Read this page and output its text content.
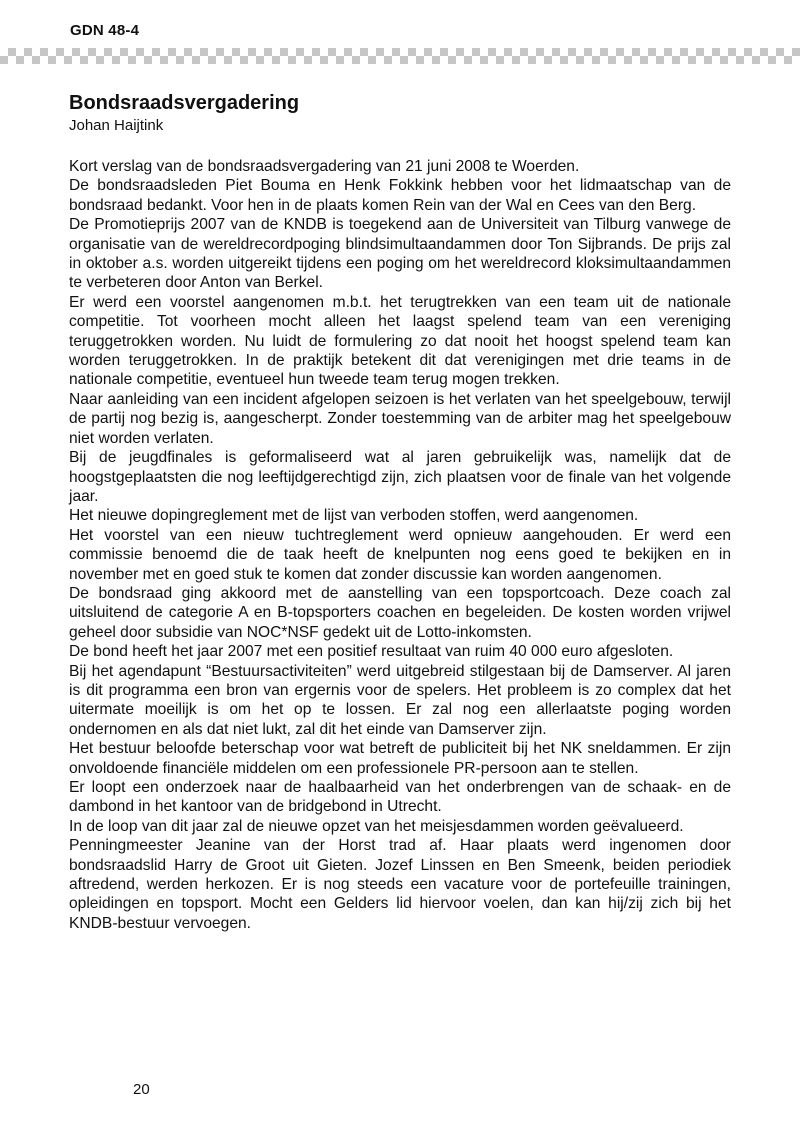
GDN 48-4
Bondsraadsvergadering

Johan Haijtink

Kort verslag van de bondsraadsvergadering van 21 juni 2008 te Woerden.

De bondsraadsleden Piet Bouma en Henk Fokkink hebben voor het lidmaatschap van de bondsraad bedankt. Voor hen in de plaats komen Rein van der Wal en Cees van den Berg.

De Promotieprijs 2007 van de KNDB is toegekend aan de Universiteit van Tilburg vanwege de organisatie van de wereldrecordpoging blindsimultaandammen door Ton Sijbrands. De prijs zal in oktober a.s. worden uitgereikt tijdens een poging om het wereldrecord kloksimultaandammen te verbeteren door Anton van Berkel.

Er werd een voorstel aangenomen m.b.t. het terugtrekken van een team uit de nationale competitie. Tot voorheen mocht alleen het laagst spelend team van een vereniging teruggetrokken worden. Nu luidt de formulering zo dat nooit het hoogst spelend team kan worden teruggetrokken. In de praktijk betekent dit dat verenigingen met drie teams in de nationale competitie, eventueel hun tweede team terug mogen trekken.

Naar aanleiding van een incident afgelopen seizoen is het verlaten van het speelgebouw, terwijl de partij nog bezig is, aangescherpt. Zonder toestemming van de arbiter mag het speelgebouw niet worden verlaten.

Bij de jeugdfinales is geformaliseerd wat al jaren gebruikelijk was, namelijk dat de hoogstgeplaatsten die nog leeftijdgerechtigd zijn, zich plaatsen voor de finale van het volgende jaar.

Het nieuwe dopingreglement met de lijst van verboden stoffen, werd aangenomen.

Het voorstel van een nieuw tuchtreglement werd opnieuw aangehouden. Er werd een commissie benoemd die de taak heeft de knelpunten nog eens goed te bekijken en in november met en goed stuk te komen dat zonder discussie kan worden aangenomen.

De bondsraad ging akkoord met de aanstelling van een topsportcoach. Deze coach zal uitsluitend de categorie A en B-topsporters coachen en begeleiden. De kosten worden vrijwel geheel door subsidie van NOC*NSF gedekt uit de Lotto-inkomsten.

De bond heeft het jaar 2007 met een positief resultaat van ruim 40 000 euro afgesloten.

Bij het agendapunt “Bestuursactiviteiten” werd uitgebreid stilgestaan bij de Damserver. Al jaren is dit programma een bron van ergernis voor de spelers. Het probleem is zo complex dat het uitermate moeilijk is om het op te lossen. Er zal nog een allerlaatste poging worden ondernomen en als dat niet lukt, zal dit het einde van Damserver zijn.

Het bestuur beloofde beterschap voor wat betreft de publiciteit bij het NK sneldammen. Er zijn onvoldoende financiële middelen om een professionele PR-persoon aan te stellen.

Er loopt een onderzoek naar de haalbaarheid van het onderbrengen van de schaak- en de dambond in het kantoor van de bridgebond in Utrecht.

In de loop van dit jaar zal de nieuwe opzet van het meisjesdammen worden geëvalueerd.

Penningmeester Jeanine van der Horst trad af. Haar plaats werd ingenomen door bondsraadslid Harry de Groot uit Gieten. Jozef Linssen en Ben Smeenk, beiden periodiek aftredend, werden herkozen. Er is nog steeds een vacature voor de portefeuille trainingen, opleidingen en topsport. Mocht een Gelders lid hiervoor voelen, dan kan hij/zij zich bij het KNDB-bestuur vervoegen.

20
